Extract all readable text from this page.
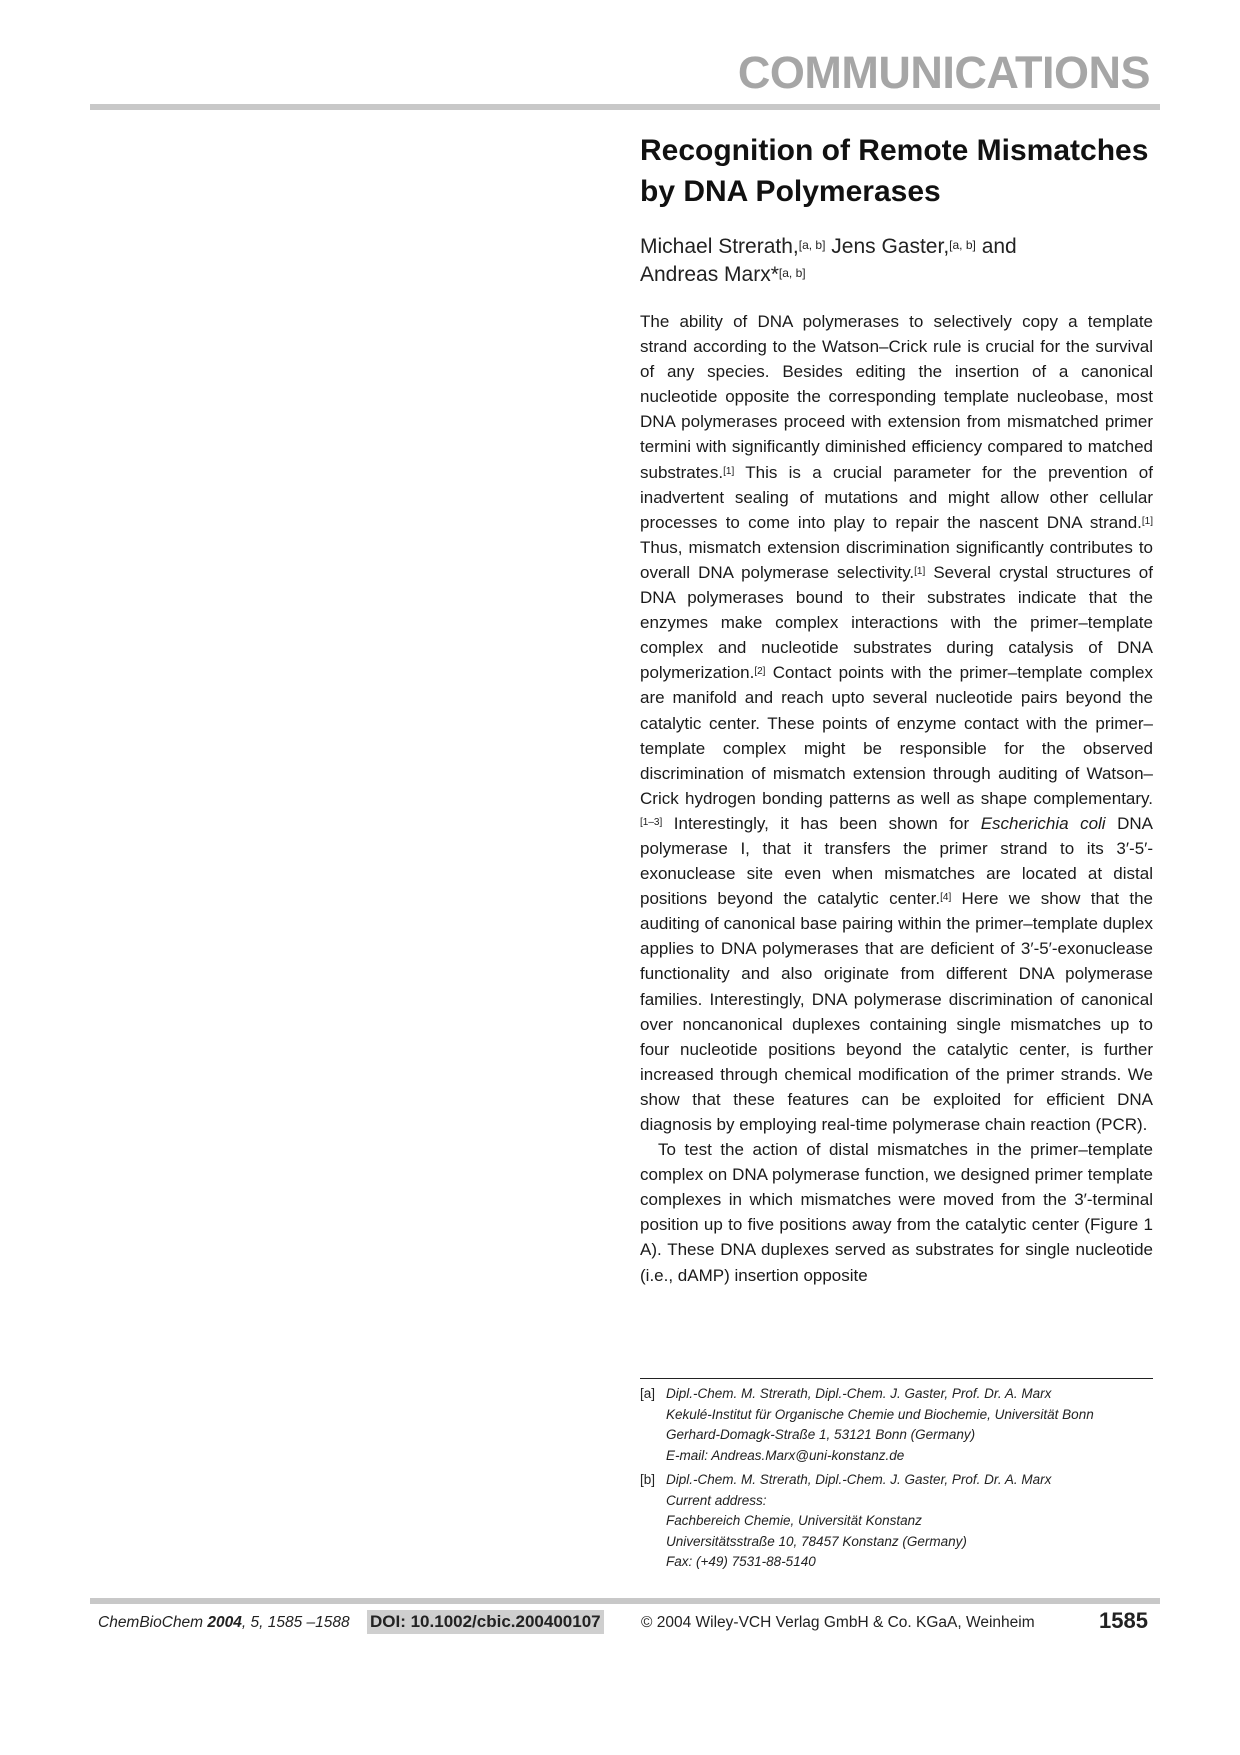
COMMUNICATIONS
Recognition of Remote Mismatches
by DNA Polymerases
Michael Strerath,[a, b] Jens Gaster,[a, b] and
Andreas Marx*[a, b]

The ability of DNA polymerases to selectively copy a template strand according to the Watson–Crick rule is crucial for the survival of any species. Besides editing the insertion of a canonical nucleotide opposite the corresponding template nucleobase, most DNA polymerases proceed with extension from mismatched primer termini with significantly diminished efficiency compared to matched substrates.[1] This is a crucial parameter for the prevention of inadvertent sealing of mutations and might allow other cellular processes to come into play to repair the nascent DNA strand.[1] Thus, mismatch extension discrimination significantly contributes to overall DNA polymerase selectivity.[1] Several crystal structures of DNA polymerases bound to their substrates indicate that the enzymes make complex interactions with the primer–template complex and nucleotide substrates during catalysis of DNA polymerization.[2] Contact points with the primer–template complex are manifold and reach upto several nucleotide pairs beyond the catalytic center. These points of enzyme contact with the primer–template complex might be responsible for the observed discrimination of mismatch extension through auditing of Watson–Crick hydrogen bonding patterns as well as shape complementary.[1–3] Interestingly, it has been shown for Escherichia coli DNA polymerase I, that it transfers the primer strand to its 3′-5′-exonuclease site even when mismatches are located at distal positions beyond the catalytic center.[4] Here we show that the auditing of canonical base pairing within the primer–template duplex applies to DNA polymerases that are deficient of 3′-5′-exonuclease functionality and also originate from different DNA polymerase families. Interestingly, DNA polymerase discrimination of canonical over noncanonical duplexes containing single mismatches up to four nucleotide positions beyond the catalytic center, is further increased through chemical modification of the primer strands. We show that these features can be exploited for efficient DNA diagnosis by employing real-time polymerase chain reaction (PCR).

To test the action of distal mismatches in the primer–template complex on DNA polymerase function, we designed primer template complexes in which mismatches were moved from the 3′-terminal position up to five positions away from the catalytic center (Figure 1 A). These DNA duplexes served as substrates for single nucleotide (i.e., dAMP) insertion opposite

[a] Dipl.-Chem. M. Strerath, Dipl.-Chem. J. Gaster, Prof. Dr. A. Marx
Kekulé-Institut für Organische Chemie und Biochemie, Universität Bonn
Gerhard-Domagk-Straße 1, 53121 Bonn (Germany)
E-mail: Andreas.Marx@uni-konstanz.de
[b] Dipl.-Chem. M. Strerath, Dipl.-Chem. J. Gaster, Prof. Dr. A. Marx
Current address:
Fachbereich Chemie, Universität Konstanz
Universitätsstraße 10, 78457 Konstanz (Germany)
Fax: (+49) 7531-88-5140
ChemBioChem 2004, 5, 1585 –1588 DOI: 10.1002/cbic.200400107	© 2004 Wiley-VCH Verlag GmbH & Co. KGaA, Weinheim	1585
